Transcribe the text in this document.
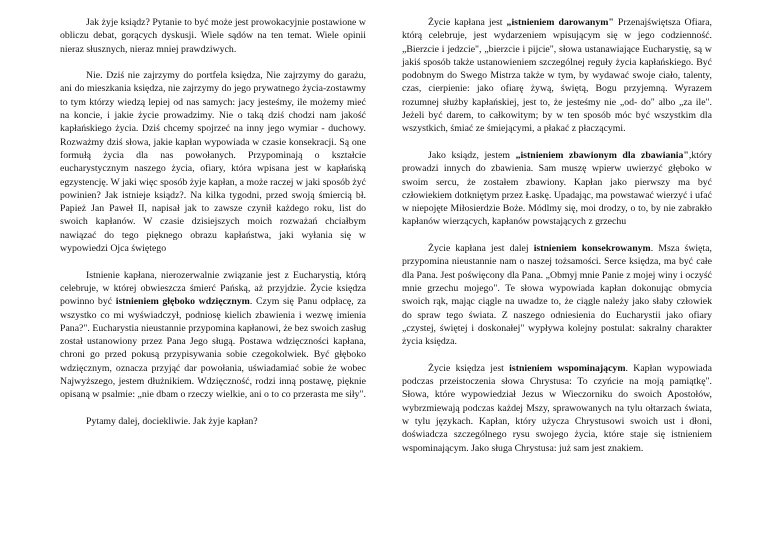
Jak żyje ksiądz? Pytanie to być może jest prowokacyjnie postawione w obliczu debat, gorących dyskusji. Wiele sądów na ten temat. Wiele opinii nieraz słusznych, nieraz mniej prawdziwych.

Nie. Dziś nie zajrzymy do portfela księdza, Nie zajrzymy do garażu, ani do mieszkania księdza, nie zajrzymy do jego prywatnego życia-zostawmy to tym którzy wiedzą lepiej od nas samych: jacy jesteśmy, ile możemy mieć na koncie, i jakie życie prowadzimy. Nie o taką dziś chodzi nam jakość kapłańskiego życia. Dziś chcemy spojrzeć na inny jego wymiar - duchowy. Rozważmy dziś słowa, jakie kapłan wypowiada w czasie konsekracji. Są one formułą życia dla nas powołanych. Przypominają o kształcie eucharystycznym naszego życia, ofiary, która wpisana jest w kapłańską egzystencję. W jaki więc sposób żyje kapłan, a może raczej w jaki sposób żyć powinien? Jak istnieje ksiądz?. Na kilka tygodni, przed swoją śmiercią bł. Papież Jan Paweł II, napisał jak to zawsze czynił każdego roku, list do swoich kapłanów. W czasie dzisiejszych moich rozważań chciałbym nawiązać do tego pięknego obrazu kapłaństwa, jaki wyłania się w wypowiedzi Ojca świętego

Istnienie kapłana, nierozerwalnie związanie jest z Eucharystią, którą celebruje, w której obwieszcza śmierć Pańską, aż przyjdzie. Życie księdza powinno być istnieniem głęboko wdzięcznym. Czym się Panu odpłacę, za wszystko co mi wyświadczył, podniosę kielich zbawienia i wezwę imienia Pana?". Eucharystia nieustannie przypomina kapłanowi, że bez swoich zasług został ustanowiony przez Pana Jego sługą. Postawa wdzięczności kapłana, chroni go przed pokusą przypisywania sobie czegokolwiek. Być głęboko wdzięcznym, oznacza przyjąć dar powołania, uświadamiać sobie że wobec Najwyższego, jestem dłużnikiem. Wdzięczność, rodzi inną postawę, pięknie opisaną w psalmie: „nie dbam o rzeczy wielkie, ani o to co przerasta me siły".

Pytamy dalej, dociekliwie. Jak żyje kapłan?

Życie kapłana jest „istnieniem darowanym" Przenajświętsza Ofiara, którą celebruje, jest wydarzeniem wpisującym się w jego codzienność. „Bierzcie i jedzcie", „bierzcie i pijcie", słowa ustanawiające Eucharystię, są w jakiś sposób także ustanowieniem szczególnej reguły życia kapłańskiego. Być podobnym do Swego Mistrza także w tym, by wydawać swoje ciało, talenty, czas, cierpienie: jako ofiarę żywą, świętą, Bogu przyjemną. Wyrazem rozumnej służby kapłańskiej, jest to, że jesteśmy nie „od- do" albo „za ile". Jeżeli być darem, to całkowitym; by w ten sposób móc być wszystkim dla wszystkich, śmiać ze śmiejącymi, a płakać z płaczącymi.

Jako ksiądz, jestem „istnieniem zbawionym dla zbawiania",który prowadzi innych do zbawienia. Sam muszę wpierw uwierzyć głęboko w swoim sercu, że zostałem zbawiony. Kapłan jako pierwszy ma być człowiekiem dotkniętym przez Łaskę. Upadając, ma powstawać wierzyć i ufać w niepojęte Miłosierdzie Boże. Módlmy się, moi drodzy, o to, by nie zabrakło kapłanów wierzących, kapłanów powstających z grzechu

Życie kapłana jest dalej istnieniem konsekrowanym. Msza święta, przypomina nieustannie nam o naszej tożsamości. Serce księdza, ma być całe dla Pana. Jest poświęcony dla Pana. „Obmyj mnie Panie z mojej winy i oczyść mnie grzechu mojego". Te słowa wypowiada kapłan dokonując obmycia swoich rąk, mając ciągle na uwadze to, że ciągle należy jako słaby człowiek do spraw tego świata. Z naszego odniesienia do Eucharystii jako ofiary „czystej, świętej i doskonałej" wypływa kolejny postulat: sakralny charakter życia księdza.

Życie księdza jest istnieniem wspominającym. Kapłan wypowiada podczas przeistoczenia słowa Chrystusa: To czyńcie na moją pamiątkę". Słowa, które wypowiedział Jezus w Wieczorniku do swoich Apostołów, wybrzmiewają podczas każdej Mszy, sprawowanych na tylu ołtarzach świata, w tylu językach. Kapłan, który użycza Chrystusowi swoich ust i dłoni, doświadcza szczególnego rysu swojego życia, które staje się istnieniem wspominającym. Jako sługa Chrystusa: już sam jest znakiem.
